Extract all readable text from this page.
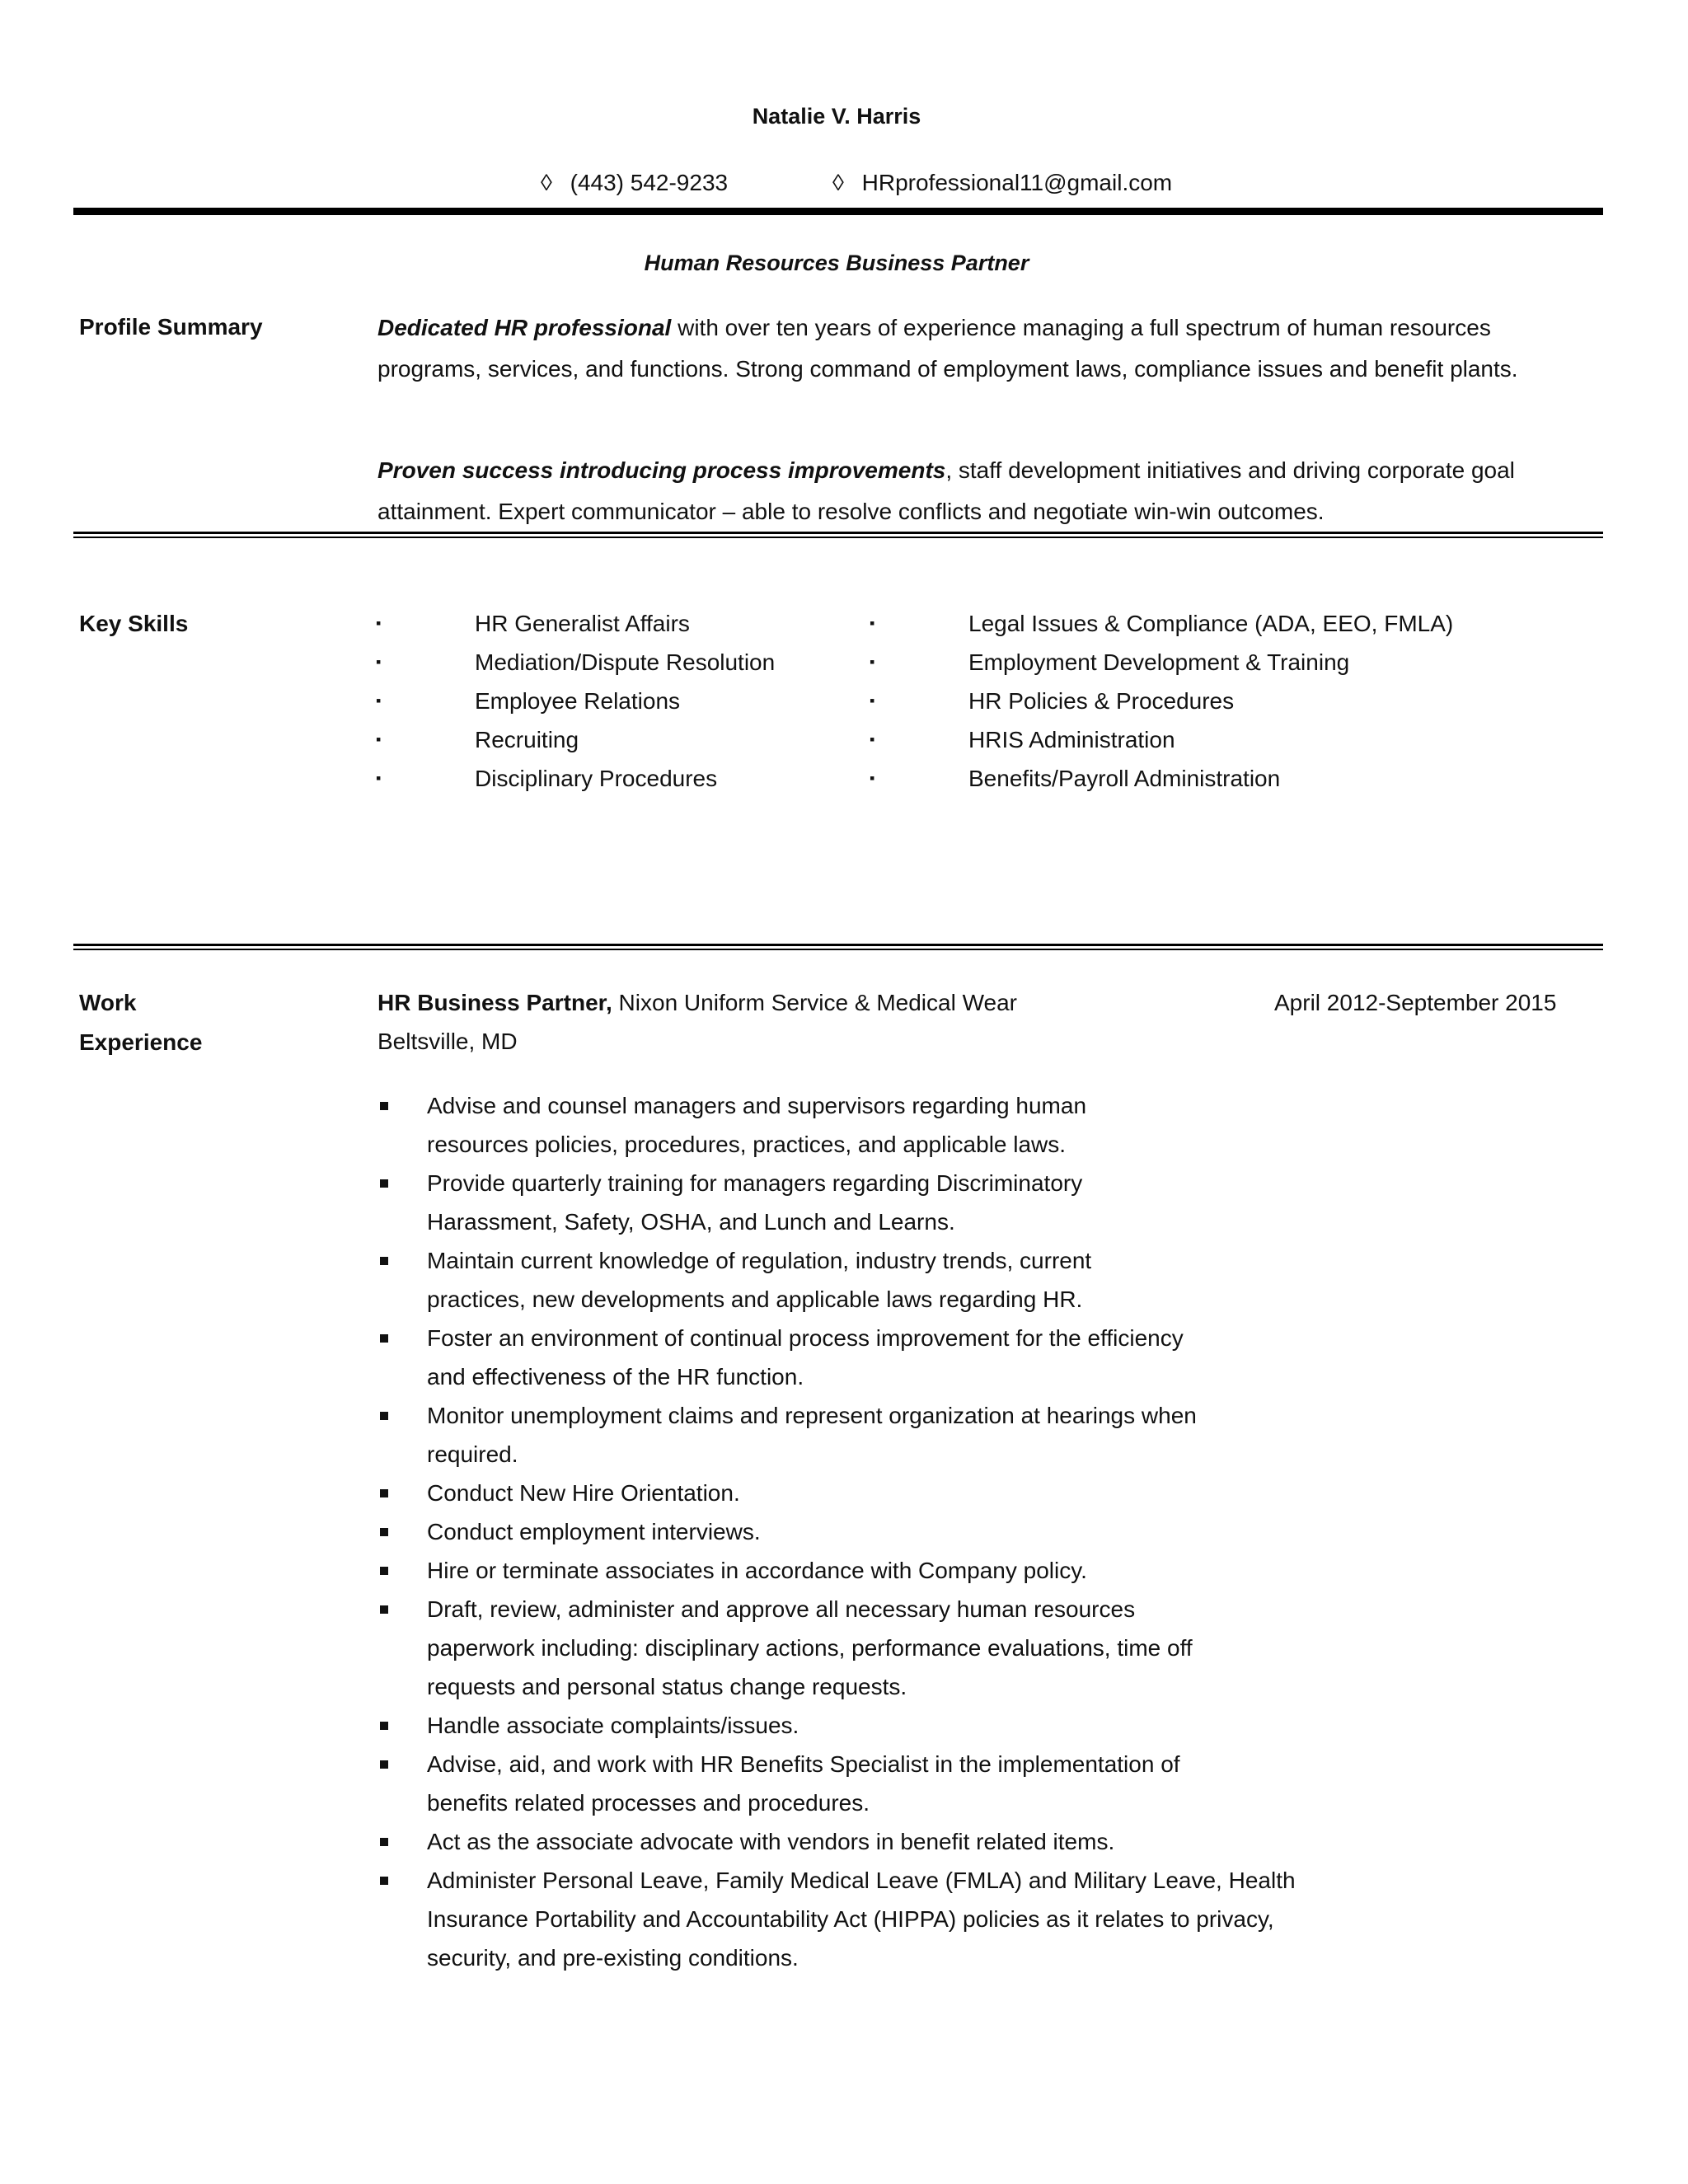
Natalie V. Harris
◊ (443) 542-9233	◊ HRprofessional11@gmail.com
Human Resources Business Partner
Profile Summary	Dedicated HR professional with over ten years of experience managing a full spectrum of human resources programs, services, and functions. Strong command of employment laws, compliance issues and benefit plants.
Proven success introducing process improvements, staff development initiatives and driving corporate goal attainment. Expert communicator – able to resolve conflicts and negotiate win-win outcomes.
Key Skills	▪	HR Generalist Affairs
▪	Mediation/Dispute Resolution
▪	Employee Relations
▪	Recruiting
▪	Disciplinary Procedures
▪	Legal Issues & Compliance (ADA, EEO, FMLA)
▪	Employment Development & Training
▪	HR Policies & Procedures
▪	HRIS Administration
▪	Benefits/Payroll Administration
Work
Experience
HR Business Partner, Nixon Uniform Service & Medical Wear	April 2012-September 2015
Beltsville, MD
Advise and counsel managers and supervisors regarding human resources policies, procedures, practices, and applicable laws.
Provide quarterly training for managers regarding Discriminatory Harassment, Safety, OSHA, and Lunch and Learns.
Maintain current knowledge of regulation, industry trends, current practices, new developments and applicable laws regarding HR.
Foster an environment of continual process improvement for the efficiency and effectiveness of the HR function.
Monitor unemployment claims and represent organization at hearings when required.
Conduct New Hire Orientation.
Conduct employment interviews.
Hire or terminate associates in accordance with Company policy.
Draft, review, administer and approve all necessary human resources paperwork including: disciplinary actions, performance evaluations, time off requests and personal status change requests.
Handle associate complaints/issues.
Advise, aid, and work with HR Benefits Specialist in the implementation of benefits related processes and procedures.
Act as the associate advocate with vendors in benefit related items.
Administer Personal Leave, Family Medical Leave (FMLA) and Military Leave, Health Insurance Portability and Accountability Act (HIPPA) policies as it relates to privacy, security, and pre-existing conditions.
